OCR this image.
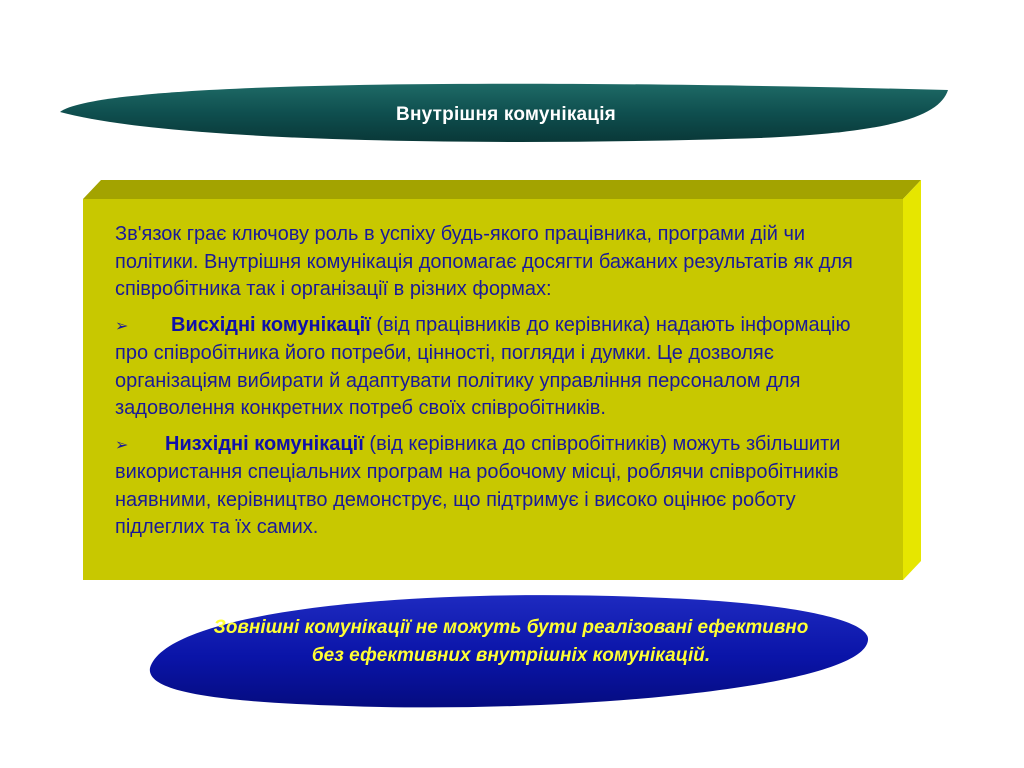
Внутрішня комунікація

Зв'язок грає ключову роль в успіху будь-якого працівника, програми дій чи політики. Внутрішня комунікація допомагає досягти бажаних результатів як для співробітника так і організації в різних формах:

➢ Висхідні комунікації (від працівників до керівника) надають інформацію про співробітника його потреби, цінності, погляди і думки. Це дозволяє організаціям вибирати й адаптувати політику управління персоналом для задоволення конкретних потреб своїх співробітників.

➢ Низхідні комунікації (від керівника до співробітників) можуть збільшити використання спеціальних програм на робочому місці, роблячи співробітників наявними, керівництво демонструє, що підтримує і високо оцінює роботу підлеглих та їх самих.

Зовнішні комунікації не можуть бути реалізовані ефективно без ефективних внутрішніх комунікацій.
